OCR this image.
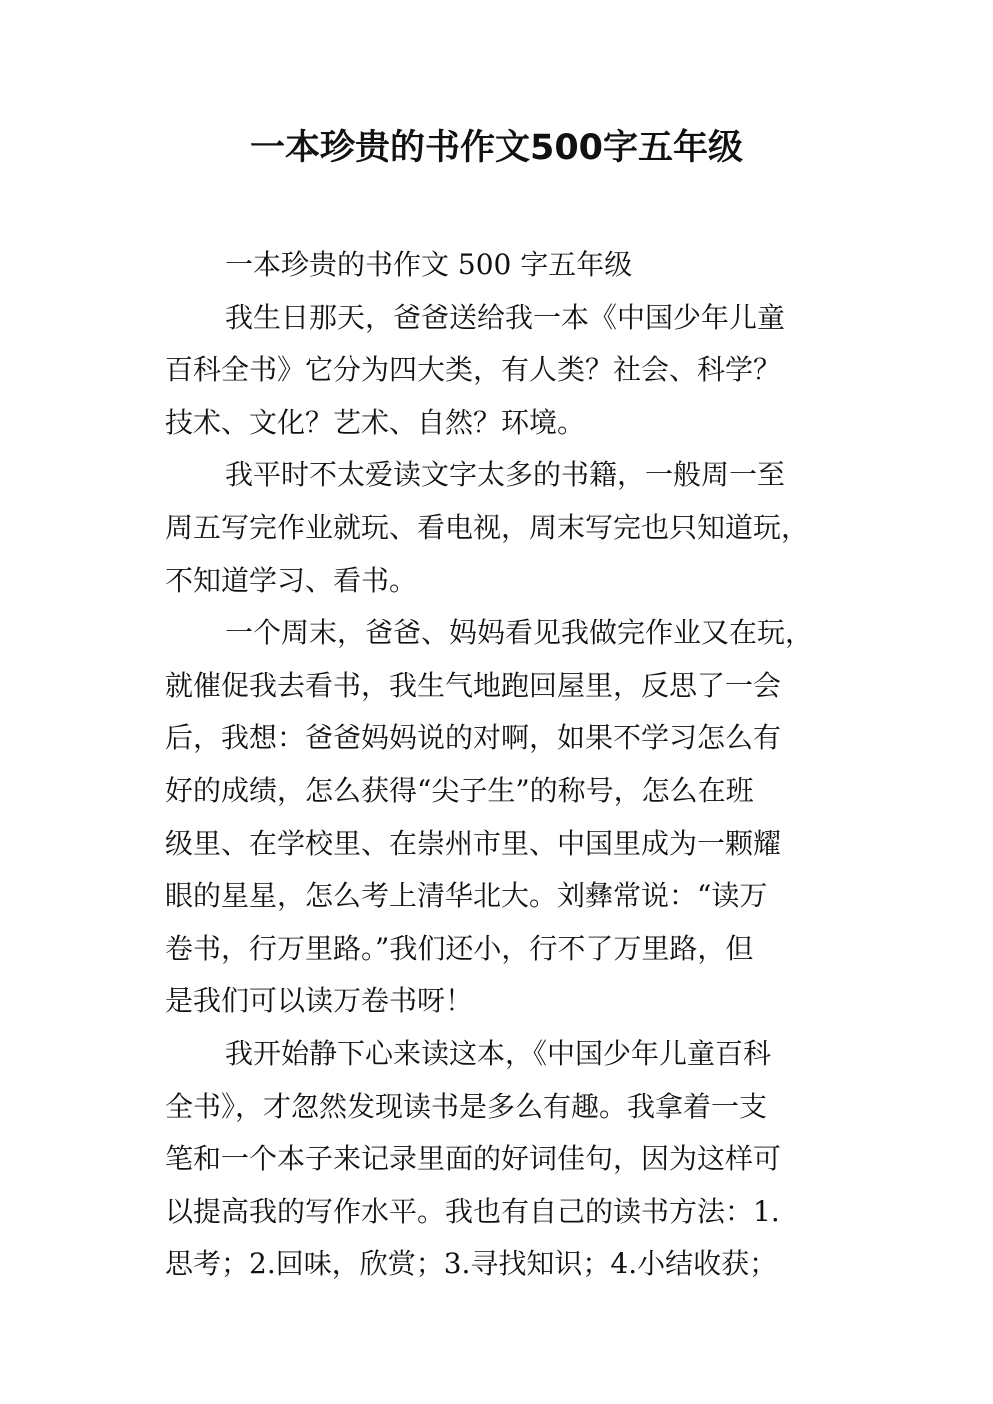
一本珍贵的书作文500字五年级
一本珍贵的书作文 500 字五年级
我生日那天，爸爸送给我一本《中国少年儿童
百科全书》它分为四大类，有人类？社会、科学？
技术、文化？艺术、自然？环境。
我平时不太爱读文字太多的书籍，一般周一至
周五写完作业就玩、看电视，周末写完也只知道玩，
不知道学习、看书。
一个周末，爸爸、妈妈看见我做完作业又在玩，
就催促我去看书，我生气地跑回屋里，反思了一会
后，我想：爸爸妈妈说的对啊，如果不学习怎么有
好的成绩，怎么获得“尖子生”的称号，怎么在班
级里、在学校里、在崇州市里、中国里成为一颗耀
眼的星星，怎么考上清华北大。刘彝常说：“读万
卷书，行万里路。”我们还小，行不了万里路，但
是我们可以读万卷书呀！
我开始静下心来读这本，《中国少年儿童百科
全书》，才忽然发现读书是多么有趣。我拿着一支
笔和一个本子来记录里面的好词佳句，因为这样可
以提高我的写作水平。我也有自己的读书方法：1.
思考；2.回味，欣赏；3.寻找知识；4.小结收获；
